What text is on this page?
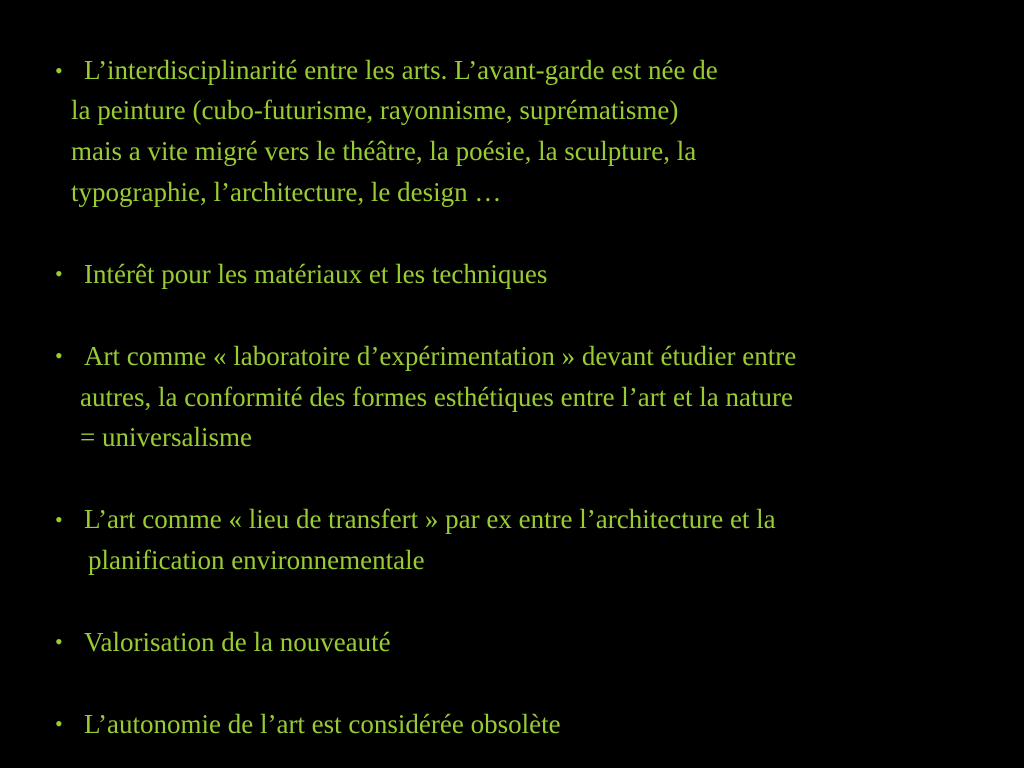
• L’interdisciplinarité entre les arts. L’avant-garde est née de
la peinture (cubo-futurisme, rayonnisme, suprématisme)
mais a vite migré vers le théâtre, la poésie, la sculpture, la
typographie, l’architecture, le design …
• Intérêt pour les matériaux et les techniques
• Art comme « laboratoire d’expérimentation » devant étudier entre
autres, la conformité des formes esthétiques entre l’art et la nature
= universalisme
• L’art comme « lieu de transfert » par ex entre l’architecture et la
planification environnementale
• Valorisation de la nouveauté
• L’autonomie de l’art est considérée obsolète
